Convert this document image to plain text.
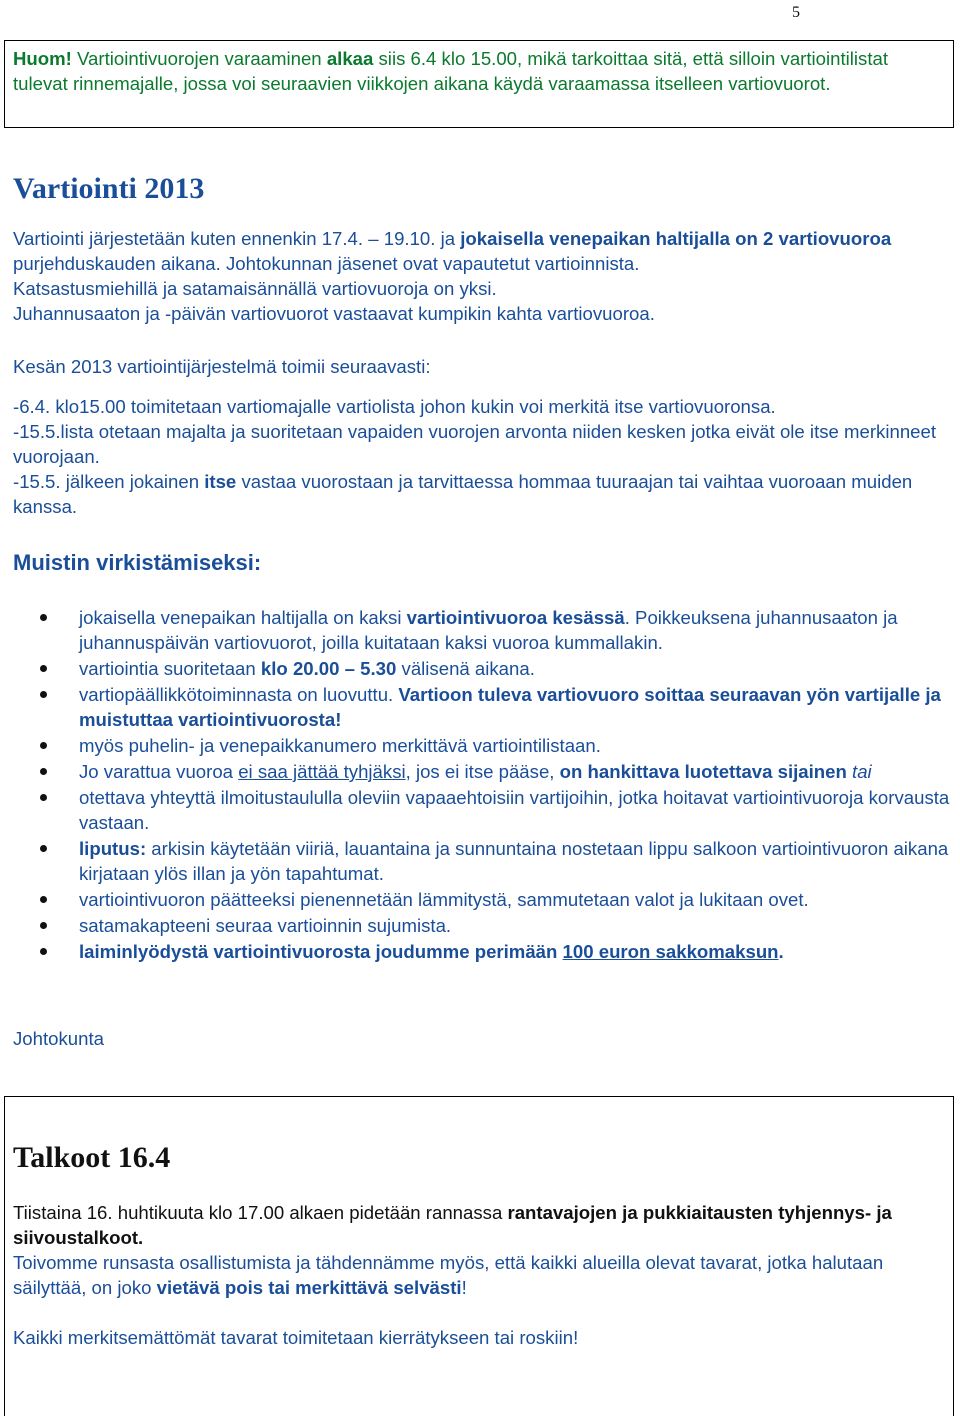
5

Huom! Vartiointivuorojen varaaminen alkaa siis 6.4 klo 15.00, mikä tarkoittaa sitä, että silloin vartiointilistat tulevat rinnemajalle, jossa voi seuraavien viikkojen aikana käydä varaamassa itselleen vartiovuorot.

Vartiointi 2013

Vartiointi järjestetään kuten ennenkin 17.4. – 19.10. ja jokaisella venepaikan haltijalla on 2 vartiovuoroa purjehduskauden aikana. Johtokunnan jäsenet ovat vapautetut vartioinnista.

Katsastusmiehillä ja satamaisännällä vartiovuoroja on yksi.

Juhannusaaton ja -päivän vartiovuorot vastaavat kumpikin kahta vartiovuoroa.

Kesän 2013 vartiointijärjestelmä toimii seuraavasti:

-6.4. klo15.00 toimitetaan vartiomajalle vartiolista johon kukin voi merkitä itse vartiovuoronsa.

-15.5.lista otetaan majalta ja suoritetaan vapaiden vuorojen arvonta niiden kesken jotka eivät ole itse merkinneet vuorojaan.

-15.5. jälkeen jokainen itse vastaa vuorostaan ja tarvittaessa hommaa tuuraajan tai vaihtaa vuoroaan muiden kanssa.

Muistin virkistämiseksi:
jokaisella venepaikan haltijalla on kaksi vartiointivuoroa kesässä. Poikkeuksena juhannusaaton ja juhannuspäivän vartiovuorot, joilla kuitataan kaksi vuoroa kummallakin.
vartiointia suoritetaan klo 20.00 – 5.30 välisenä aikana.
vartiopäällikkötoiminnasta on luovuttu. Vartioon tuleva vartiovuoro soittaa seuraavan yön vartijalle ja muistuttaa vartiointivuorosta!
myös puhelin- ja venepaikkanumero merkittävä vartiointilistaan.
Jo varattua vuoroa ei saa jättää tyhjäksi, jos ei itse pääse, on hankittava luotettava sijainen tai
otettava yhteyttä ilmoitustaululla oleviin vapaaehtoisiin vartijoihin, jotka hoitavat vartiointivuoroja korvausta vastaan.
liputus: arkisin käytetään viiriä, lauantaina ja sunnuntaina nostetaan lippu salkoon vartiointivuoron aikana kirjataan ylös illan ja yön tapahtumat.
vartiointivuoron päätteeksi pienennetään lämmitystä, sammutetaan valot ja lukitaan ovet.
satamakapteeni seuraa vartioinnin sujumista.
laiminlyödystä vartiointivuorosta joudumme perimään 100 euron sakkomaksun.

Johtokunta

Talkoot 16.4

Tiistaina 16. huhtikuuta klo 17.00 alkaen pidetään rannassa rantavajojen ja pukkiaitausten tyhjennys- ja siivoustalkoot.

Toivomme runsasta osallistumista ja tähdennämme myös, että kaikki alueilla olevat tavarat, jotka halutaan säilyttää, on joko vietävä pois tai merkittävä selvästi!

Kaikki merkitsemättömät tavarat toimitetaan kierrätykseen tai roskiin!
